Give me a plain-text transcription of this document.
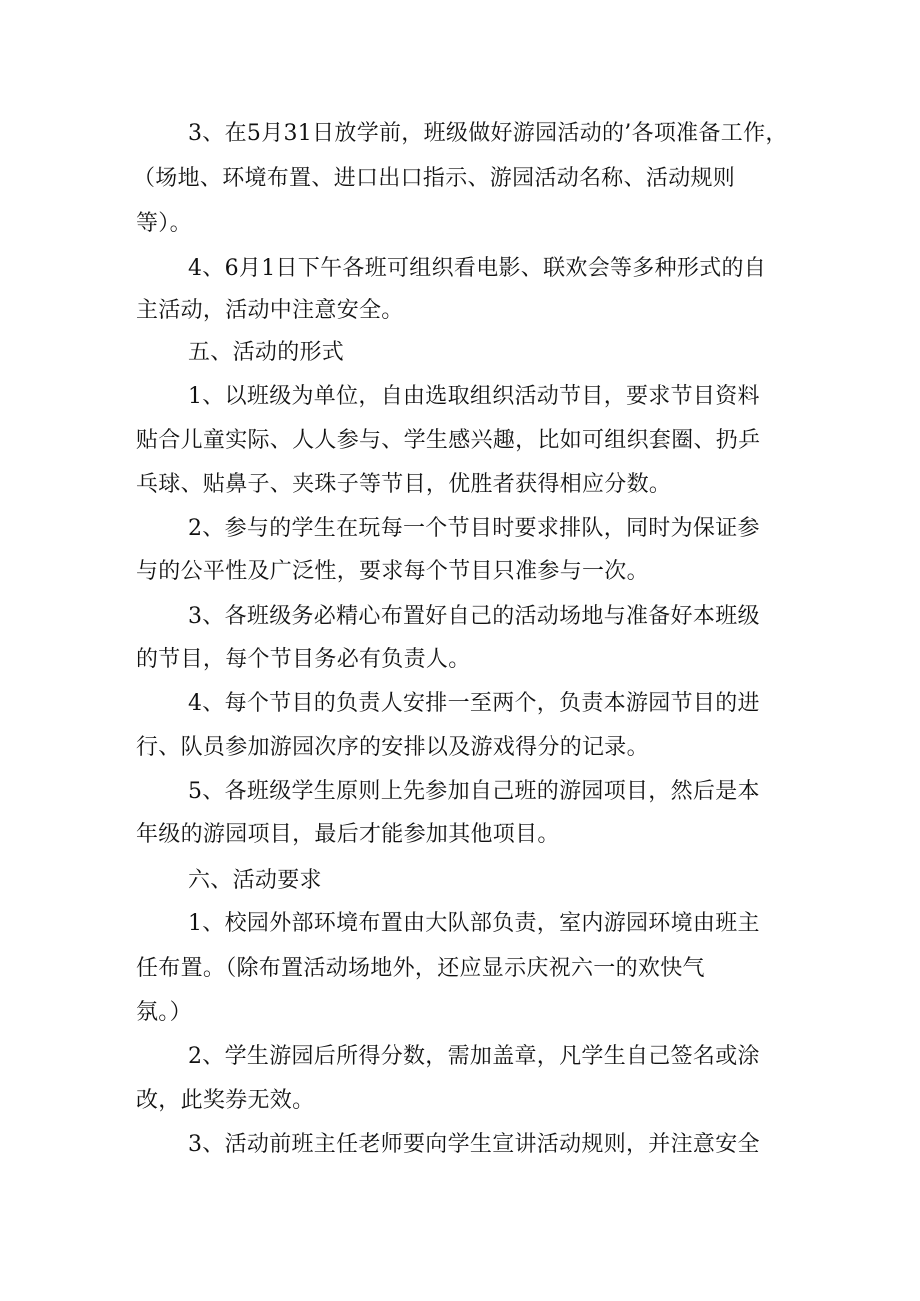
3、在5月31日放学前，班级做好游园活动的’各项准备工作，

（场地、环境布置、进口出口指示、游园活动名称、活动规则

等）。

4、6月1日下午各班可组织看电影、联欢会等多种形式的自

主活动，活动中注意安全。

五、活动的形式

1、以班级为单位，自由选取组织活动节目，要求节目资料

贴合儿童实际、人人参与、学生感兴趣，比如可组织套圈、扔乒

乓球、贴鼻子、夹珠子等节目，优胜者获得相应分数。

2、参与的学生在玩每一个节目时要求排队，同时为保证参

与的公平性及广泛性，要求每个节目只准参与一次。

3、各班级务必精心布置好自己的活动场地与准备好本班级

的节目，每个节目务必有负责人。

4、每个节目的负责人安排一至两个，负责本游园节目的进

行、队员参加游园次序的安排以及游戏得分的记录。

5、各班级学生原则上先参加自己班的游园项目，然后是本

年级的游园项目，最后才能参加其他项目。

六、活动要求

1、校园外部环境布置由大队部负责，室内游园环境由班主

任布置。（除布置活动场地外，还应显示庆祝六一的欢快气

氛。）

2、学生游园后所得分数，需加盖章，凡学生自己签名或涂

改，此奖券无效。

3、活动前班主任老师要向学生宣讲活动规则，并注意安全
